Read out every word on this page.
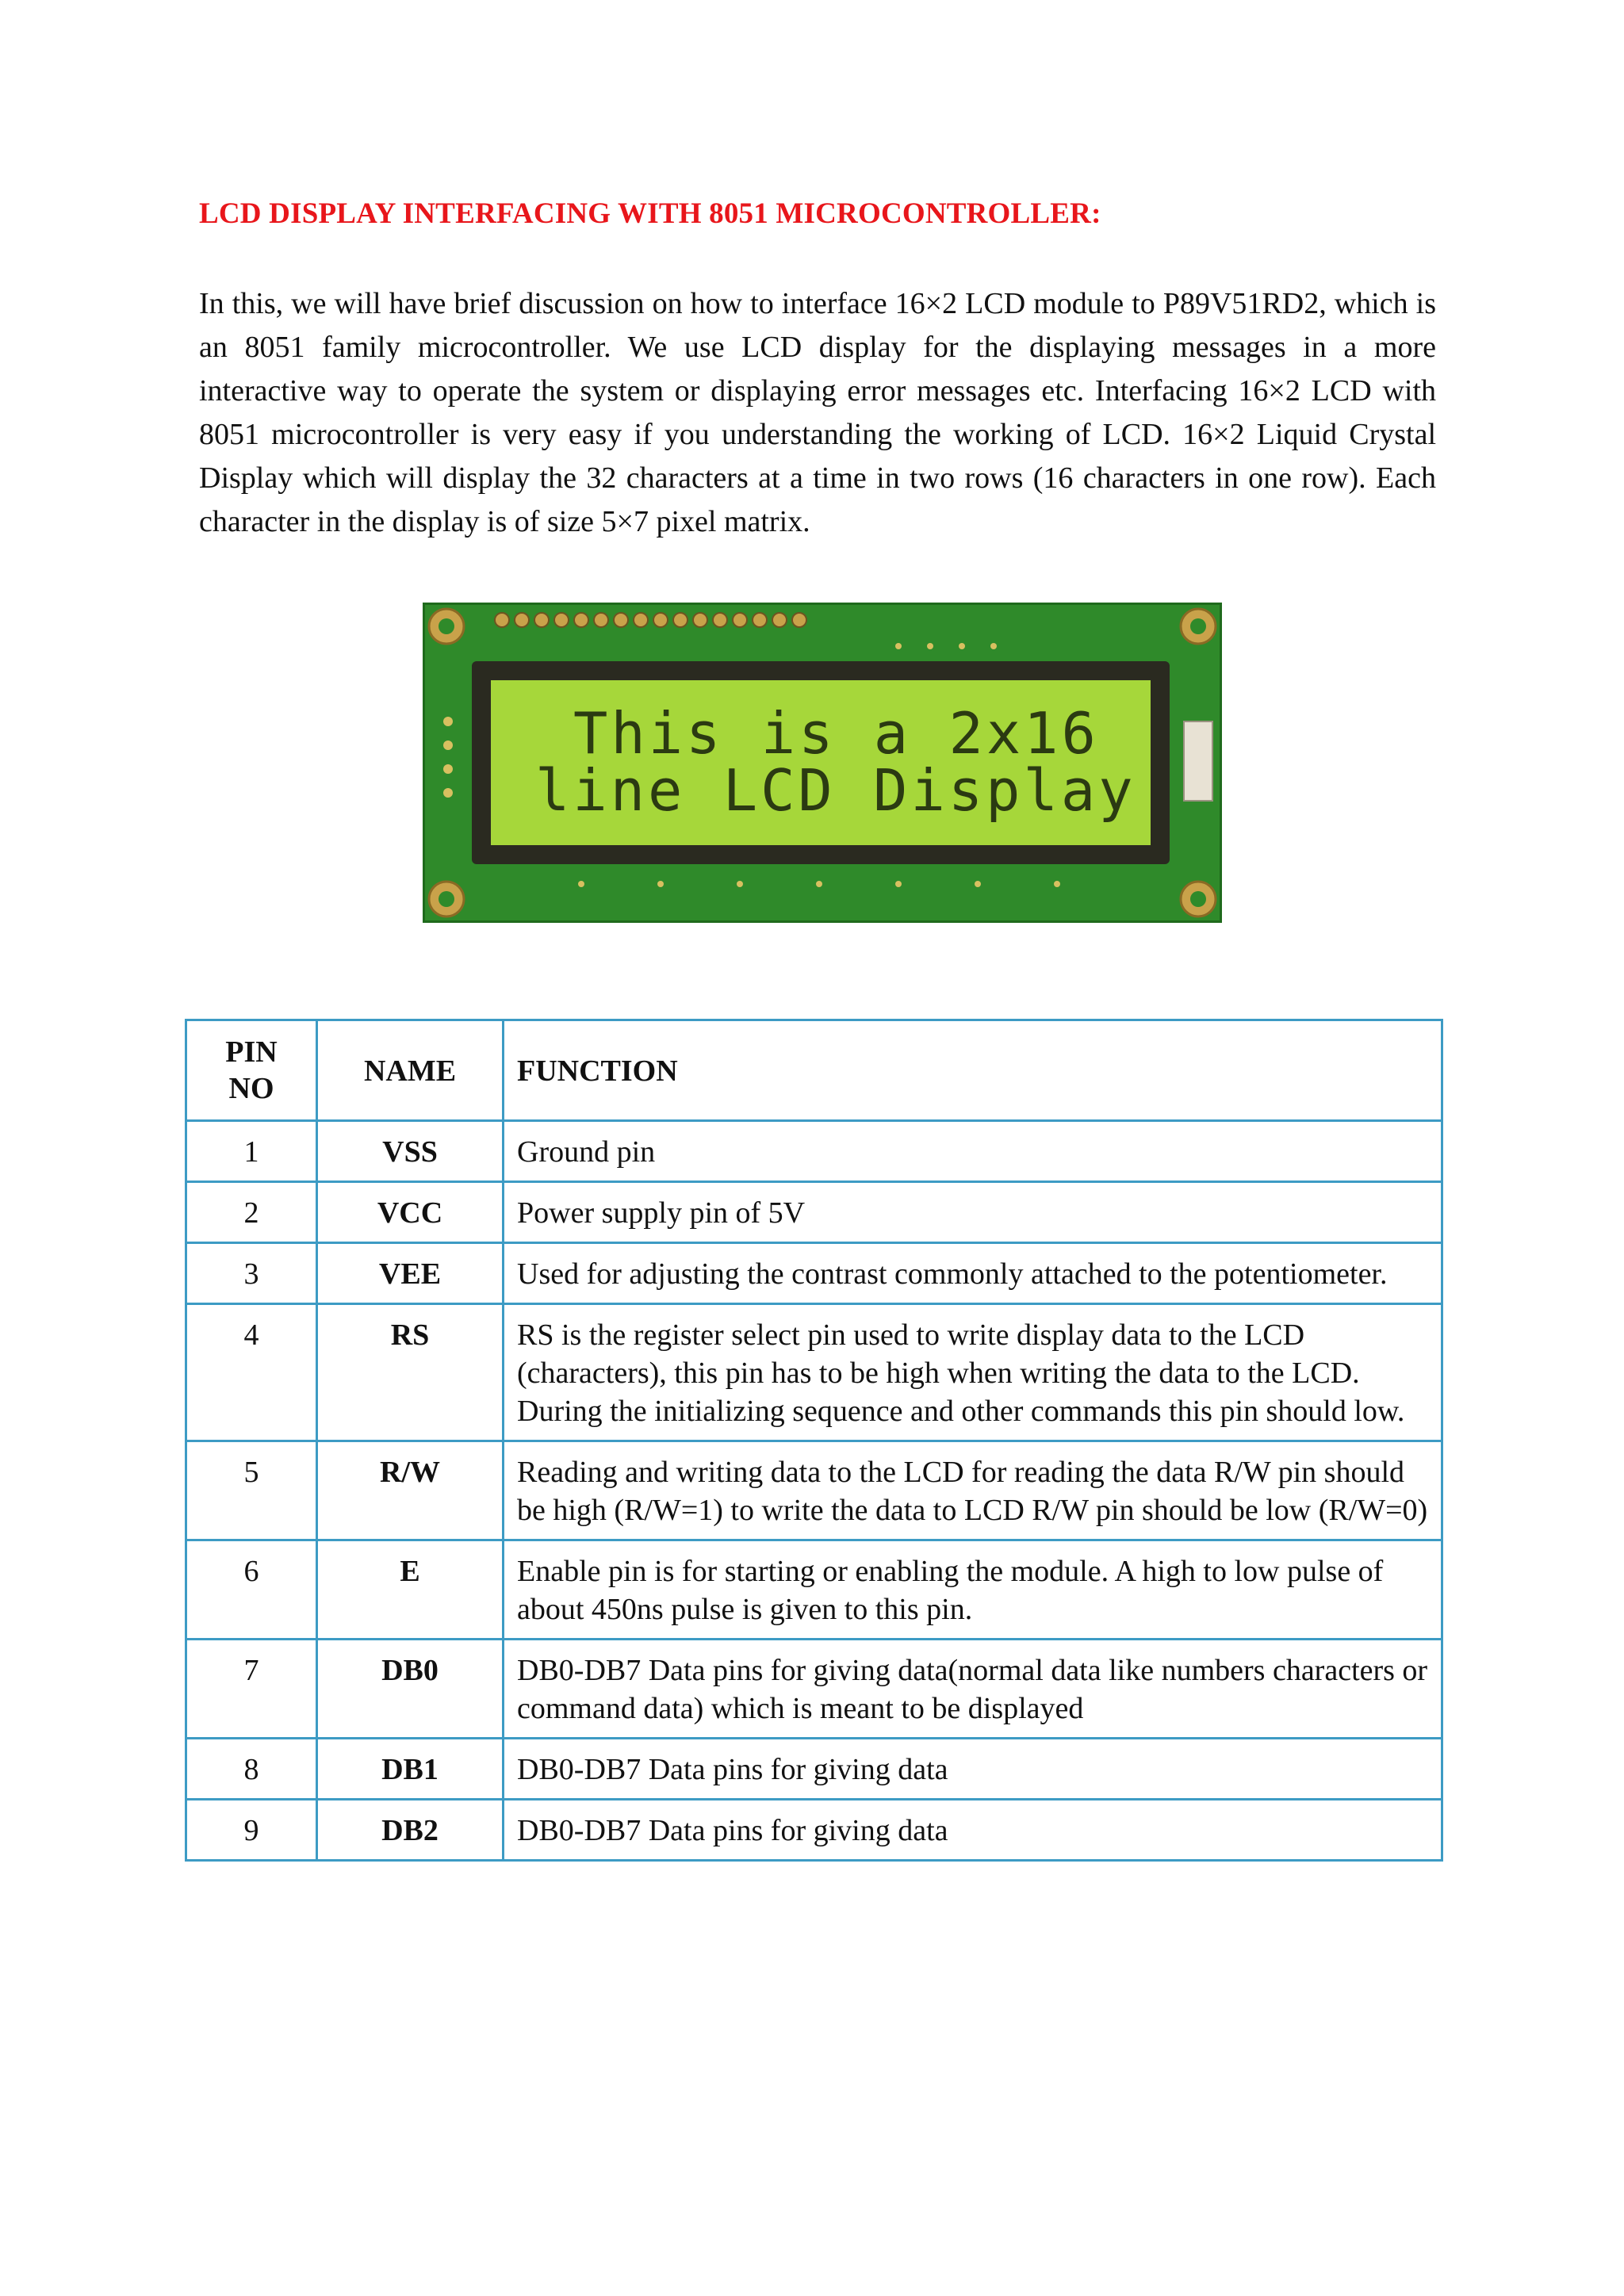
LCD DISPLAY INTERFACING WITH 8051 MICROCONTROLLER:

In this, we will have brief discussion on how to interface 16×2 LCD module to P89V51RD2, which is an 8051 family microcontroller. We use LCD display for the displaying messages in a more interactive way to operate the system or displaying error messages etc. Interfacing 16×2 LCD with 8051 microcontroller is very easy if you understanding the working of LCD. 16×2 Liquid Crystal Display which will display the 32 characters at a time in two rows (16 characters in one row). Each character in the display is of size 5×7 pixel matrix.

This is a 2x16
line LCD Display
PIN
NO	NAME	FUNCTION
1	VSS	Ground pin
2	VCC	Power supply pin of 5V
3	VEE	Used for adjusting the contrast commonly attached to the potentiometer.
4	RS	RS is the register select pin used to write display data to the LCD (characters), this pin has to be high when writing the data to the LCD. During the initializing sequence and other commands this pin should low.
5	R/W	Reading and writing data to the LCD for reading the data R/W pin should be high (R/W=1) to write the data to LCD R/W pin should be low (R/W=0)
6	E	Enable pin is for starting or enabling the module. A high to low pulse of about 450ns pulse is given to this pin.
7	DB0	DB0-DB7 Data pins for giving data(normal data like numbers characters or command data) which is meant to be displayed
8	DB1	DB0-DB7 Data pins for giving data
9	DB2	DB0-DB7 Data pins for giving data
